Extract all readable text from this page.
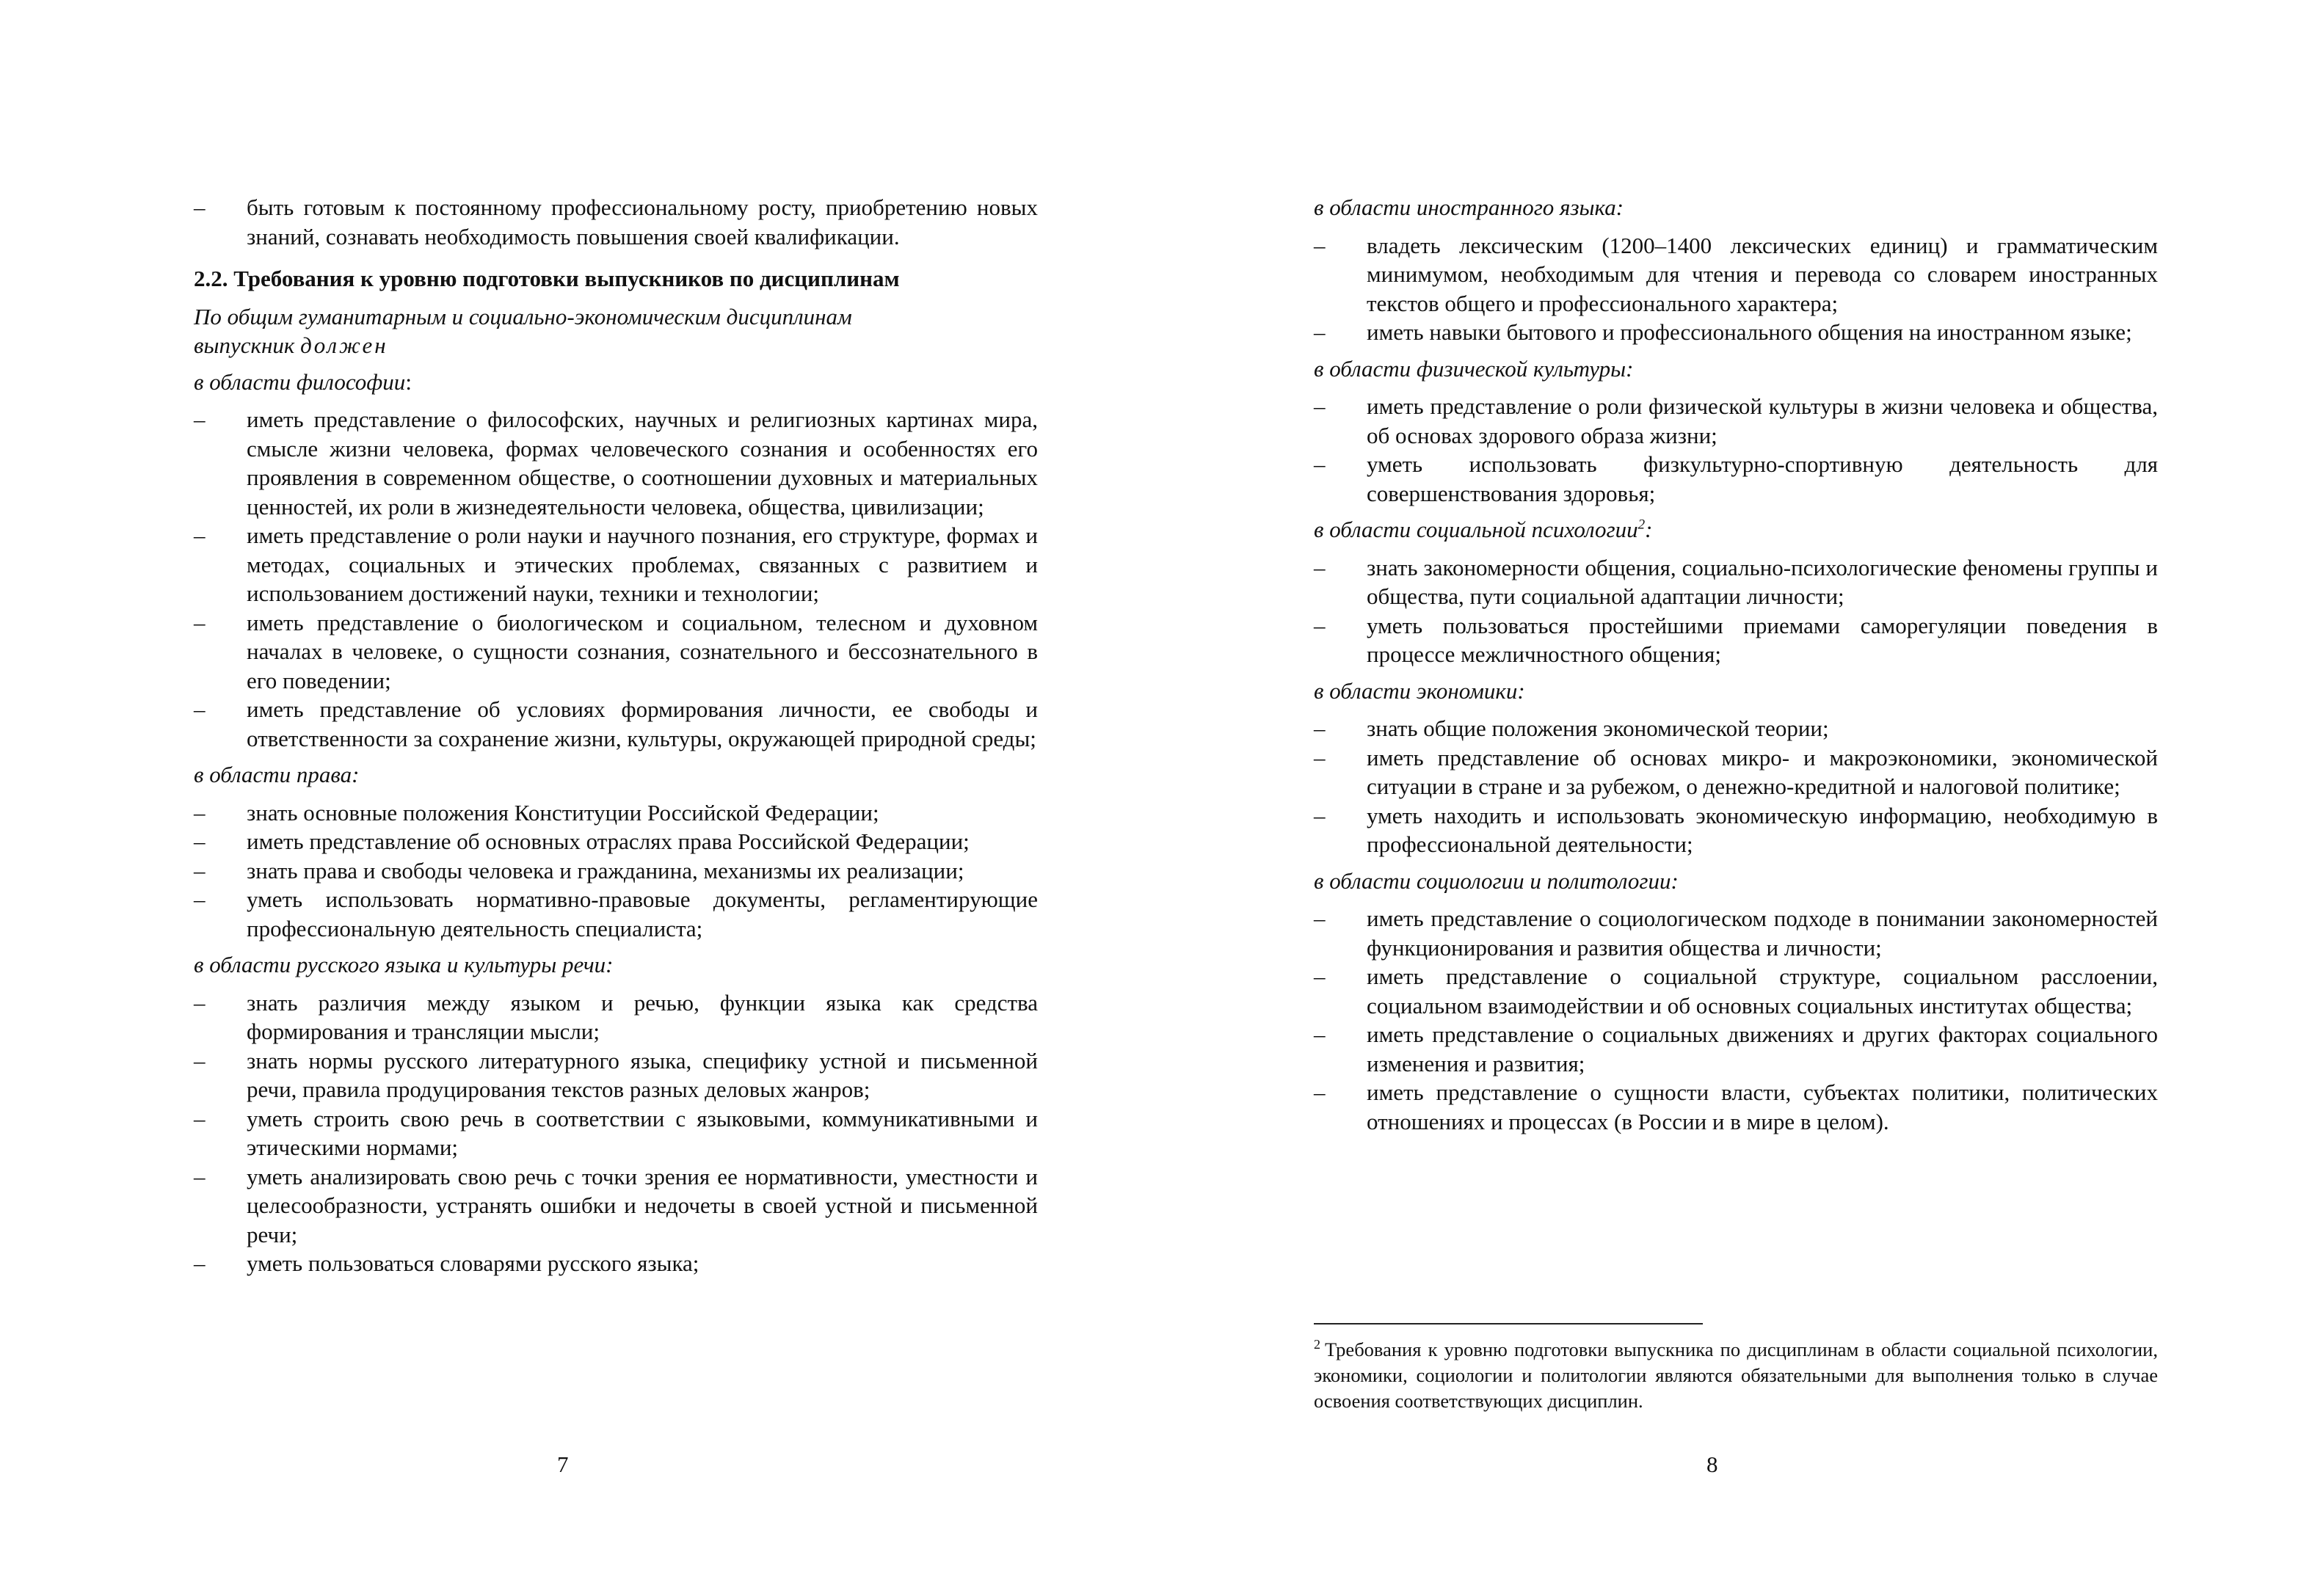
– быть готовым к постоянному профессиональному росту, приобретению новых знаний, сознавать необходимость повышения своей квалификации.
2.2. Требования к уровню подготовки выпускников по дисциплинам
По общим гуманитарным и социально-экономическим дисциплинам
выпускник должен
в области философии:
– иметь представление о философских, научных и религиозных картинах мира, смысле жизни человека, формах человеческого сознания и особенностях его проявления в современном обществе, о соотношении духовных и материальных ценностей, их роли в жизнедеятельности человека, общества, цивилизации;
– иметь представление о роли науки и научного познания, его структуре, формах и методах, социальных и этических проблемах, связанных с развитием и использованием достижений науки, техники и технологии;
– иметь представление о биологическом и социальном, телесном и духовном началах в человеке, о сущности сознания, сознательного и бессознательного в его поведении;
– иметь представление об условиях формирования личности, ее свободы и ответственности за сохранение жизни, культуры, окружающей природной среды;
в области права:
– знать основные положения Конституции Российской Федерации;
– иметь представление об основных отраслях права Российской Федерации;
– знать права и свободы человека и гражданина, механизмы их реализации;
– уметь использовать нормативно-правовые документы, регламентирующие профессиональную деятельность специалиста;
в области русского языка и культуры речи:
– знать различия между языком и речью, функции языка как средства формирования и трансляции мысли;
– знать нормы русского литературного языка, специфику устной и письменной речи, правила продуцирования текстов разных деловых жанров;
– уметь строить свою речь в соответствии с языковыми, коммуникативными и этическими нормами;
– уметь анализировать свою речь с точки зрения ее нормативности, уместности и целесообразности, устранять ошибки и недочеты в своей устной и письменной речи;
– уметь пользоваться словарями русского языка;
7
в области иностранного языка:
– владеть лексическим (1200–1400 лексических единиц) и грамматическим минимумом, необходимым для чтения и перевода со словарем иностранных текстов общего и профессионального характера;
– иметь навыки бытового и профессионального общения на иностранном языке;
в области физической культуры:
– иметь представление о роли физической культуры в жизни человека и общества, об основах здорового образа жизни;
– уметь использовать физкультурно-спортивную деятельность для совершенствования здоровья;
в области социальной психологии$^2$:
– знать закономерности общения, социально-психологические феномены группы и общества, пути социальной адаптации личности;
– уметь пользоваться простейшими приемами саморегуляции поведения в процессе межличностного общения;
в области экономики:
– знать общие положения экономической теории;
– иметь представление об основах микро- и макроэкономики, экономической ситуации в стране и за рубежом, о денежно-кредитной и налоговой политике;
– уметь находить и использовать экономическую информацию, необходимую в профессиональной деятельности;
в области социологии и политологии:
– иметь представление о социологическом подходе в понимании закономерностей функционирования и развития общества и личности;
– иметь представление о социальной структуре, социальном расслоении, социальном взаимодействии и об основных социальных институтах общества;
– иметь представление о социальных движениях и других факторах социального изменения и развития;
– иметь представление о сущности власти, субъектах политики, политических отношениях и процессах (в России и в мире в целом).
$^2$ Требования к уровню подготовки выпускника по дисциплинам в области социальной психологии, экономики, социологии и политологии являются обязательными для выполнения только в случае освоения соответствующих дисциплин.
8
